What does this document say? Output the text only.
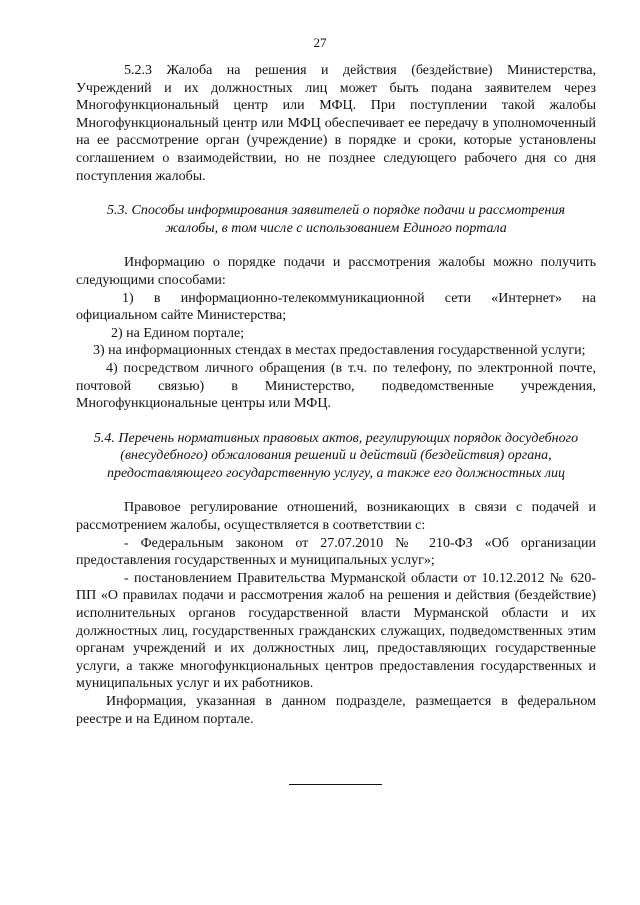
27

5.2.3 Жалоба на решения и действия (бездействие) Министерства, Учреждений и их должностных лиц может быть подана заявителем через Многофункциональный центр или МФЦ. При поступлении такой жалобы Многофункциональный центр или МФЦ обеспечивает ее передачу в уполномоченный на ее рассмотрение орган (учреждение) в порядке и сроки, которые установлены соглашением о взаимодействии, но не позднее следующего рабочего дня со дня поступления жалобы.

5.3. Способы информирования заявителей о порядке подачи и рассмотрения жалобы, в том числе с использованием Единого портала

Информацию о порядке подачи и рассмотрения жалобы можно получить следующими способами:

1) в информационно-телекоммуникационной сети «Интернет» на официальном сайте Министерства;

2) на Едином портале;

3) на информационных стендах в местах предоставления государственной услуги;

4) посредством личного обращения (в т.ч. по телефону, по электронной почте, почтовой связью) в Министерство, подведомственные учреждения, Многофункциональные центры или МФЦ.

5.4. Перечень нормативных правовых актов, регулирующих порядок досудебного (внесудебного) обжалования решений и действий (бездействия) органа, предоставляющего государственную услугу, а также его должностных лиц

Правовое регулирование отношений, возникающих в связи с подачей и рассмотрением жалобы, осуществляется в соответствии с:

- Федеральным законом от 27.07.2010 № 210-ФЗ «Об организации предоставления государственных и муниципальных услуг»;

- постановлением Правительства Мурманской области от 10.12.2012 № 620-ПП «О правилах подачи и рассмотрения жалоб на решения и действия (бездействие) исполнительных органов государственной власти Мурманской области и их должностных лиц, государственных гражданских служащих, подведомственных этим органам учреждений и их должностных лиц, предоставляющих государственные услуги, а также многофункциональных центров предоставления государственных и муниципальных услуг и их работников.

Информация, указанная в данном подразделе, размещается в федеральном реестре и на Едином портале.
